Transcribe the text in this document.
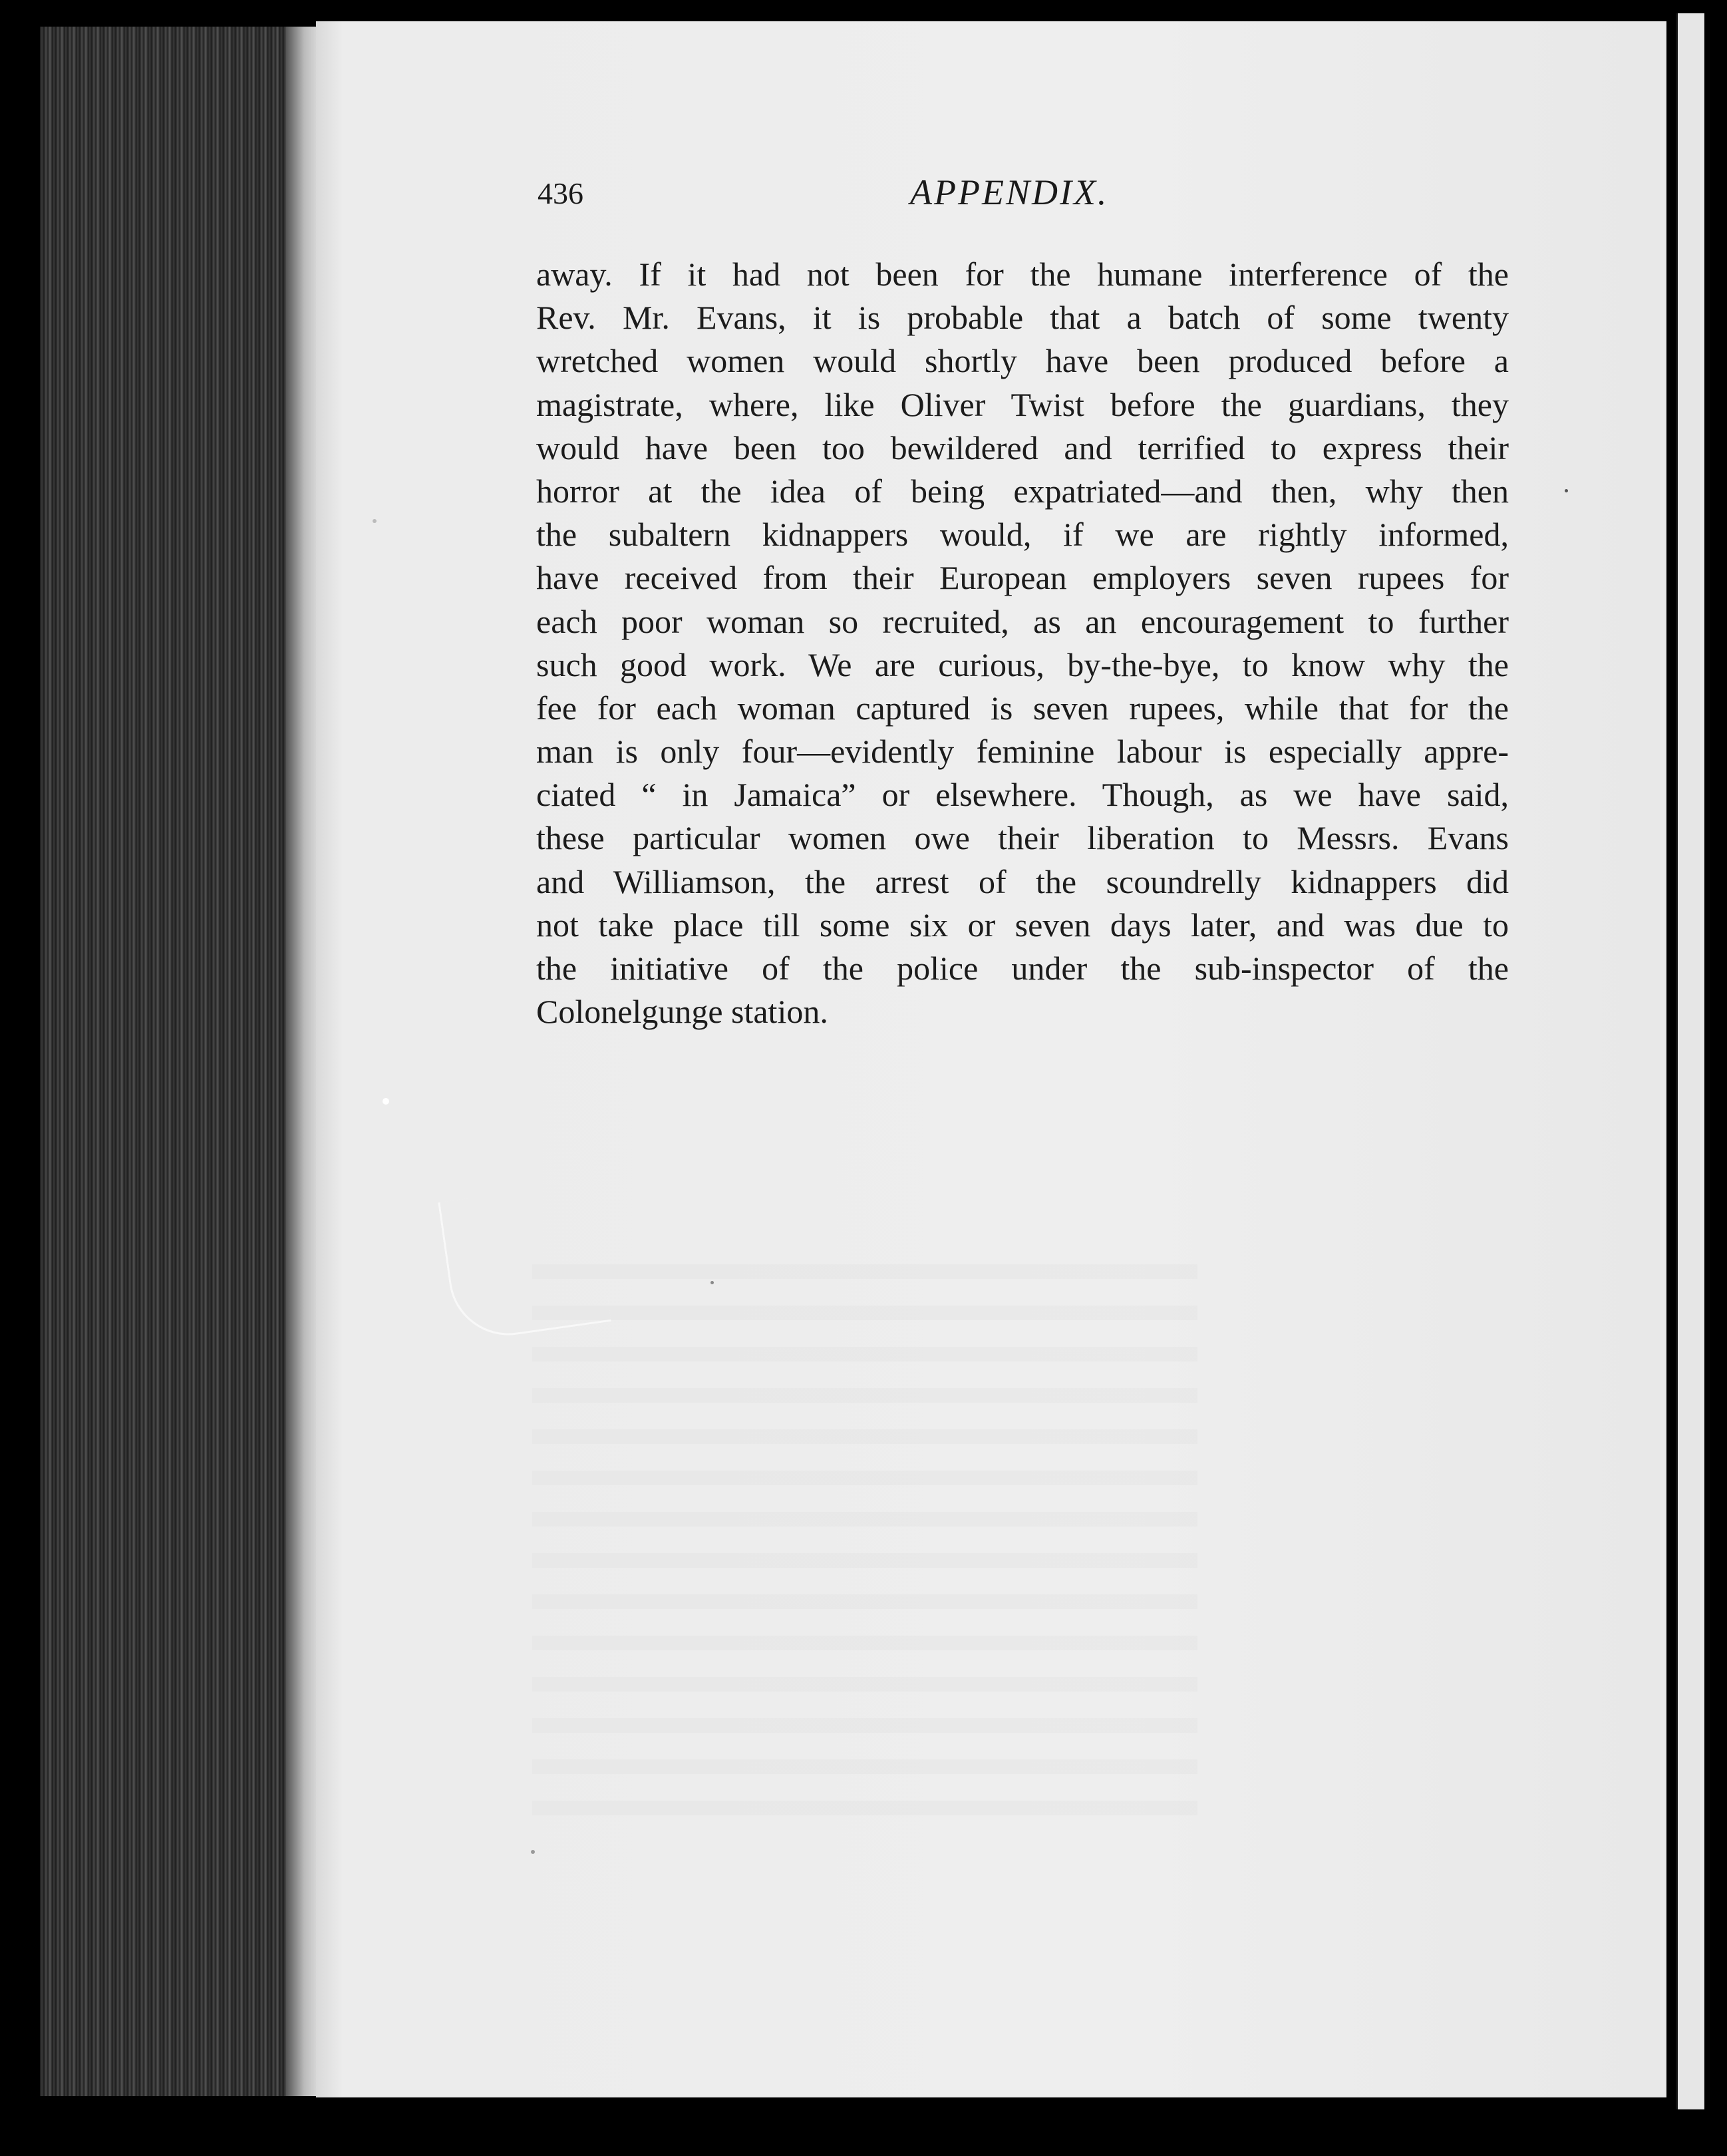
436	APPENDIX.
away. If it had not been for the humane interference of the
Rev. Mr. Evans, it is probable that a batch of some twenty
wretched women would shortly have been produced before a
magistrate, where, like Oliver Twist before the guardians, they
would have been too bewildered and terrified to express their
horror at the idea of being expatriated—and then, why then
the subaltern kidnappers would, if we are rightly informed,
have received from their European employers seven rupees for
each poor woman so recruited, as an encouragement to further
such good work. We are curious, by-the-bye, to know why the
fee for each woman captured is seven rupees, while that for the
man is only four—evidently feminine labour is especially appre-
ciated “ in Jamaica” or elsewhere. Though, as we have said,
these particular women owe their liberation to Messrs. Evans
and Williamson, the arrest of the scoundrelly kidnappers did
not take place till some six or seven days later, and was due to
the initiative of the police under the sub-inspector of the
Colonelgunge station.
